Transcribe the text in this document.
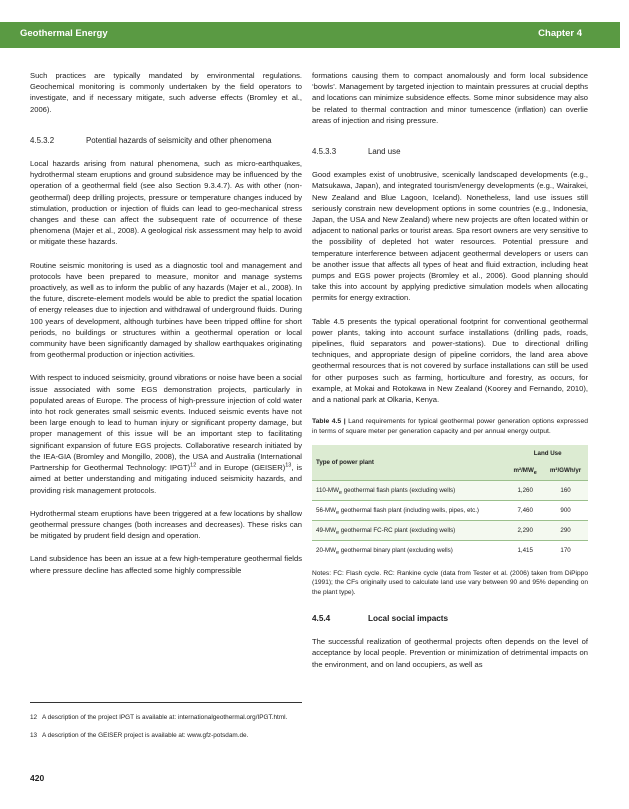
Geothermal Energy	Chapter 4

Such practices are typically mandated by environmental regulations. Geochemical monitoring is commonly undertaken by the field operators to investigate, and if necessary mitigate, such adverse effects (Bromley et al., 2006).

4.5.3.2	Potential hazards of seismicity and other phenomena

Local hazards arising from natural phenomena, such as micro-earthquakes, hydrothermal steam eruptions and ground subsidence may be influenced by the operation of a geothermal field (see also Section 9.3.4.7). As with other (non-geothermal) deep drilling projects, pressure or temperature changes induced by stimulation, production or injection of fluids can lead to geo-mechanical stress changes and these can affect the subsequent rate of occurrence of these phenomena (Majer et al., 2008). A geological risk assessment may help to avoid or mitigate these hazards.

Routine seismic monitoring is used as a diagnostic tool and management and protocols have been prepared to measure, monitor and manage systems proactively, as well as to inform the public of any hazards (Majer et al., 2008). In the future, discrete-element models would be able to predict the spatial location of energy releases due to injection and withdrawal of underground fluids. During 100 years of development, although turbines have been tripped offline for short periods, no buildings or structures within a geothermal operation or local community have been significantly damaged by shallow earthquakes originating from geothermal production or injection activities.

With respect to induced seismicity, ground vibrations or noise have been a social issue associated with some EGS demonstration projects, particularly in populated areas of Europe. The process of high-pressure injection of cold water into hot rock generates small seismic events. Induced seismic events have not been large enough to lead to human injury or significant property damage, but proper management of this issue will be an important step to facilitating significant expansion of future EGS projects. Collaborative research initiated by the IEA-GIA (Bromley and Mongillo, 2008), the USA and Australia (International Partnership for Geothermal Technology: IPGT)$^{12}$ and in Europe (GEISER)$^{13}$, is aimed at better understanding and mitigating induced seismicity hazards, and providing risk management protocols.

Hydrothermal steam eruptions have been triggered at a few locations by shallow geothermal pressure changes (both increases and decreases). These risks can be mitigated by prudent field design and operation.

Land subsidence has been an issue at a few high-temperature geothermal fields where pressure decline has affected some highly compressible

12 A description of the project IPGT is available at: internationalgeothermal.org/IPGT.html.
13 A description of the GEISER project is available at: www.gfz-potsdam.de.
420

formations causing them to compact anomalously and form local subsidence ‘bowls’. Management by targeted injection to maintain pressures at crucial depths and locations can minimize subsidence effects. Some minor subsidence may also be related to thermal contraction and minor tumescence (inflation) can overlie areas of injection and rising pressure.

4.5.3.3	Land use

Good examples exist of unobtrusive, scenically landscaped developments (e.g., Matsukawa, Japan), and integrated tourism/energy developments (e.g., Wairakei, New Zealand and Blue Lagoon, Iceland). Nonetheless, land use issues still seriously constrain new development options in some countries (e.g., Indonesia, Japan, the USA and New Zealand) where new projects are often located within or adjacent to national parks or tourist areas. Spa resort owners are very sensitive to the possibility of depleted hot water resources. Potential pressure and temperature interference between adjacent geothermal developers or users can be another issue that affects all types of heat and fluid extraction, including heat pumps and EGS power projects (Bromley et al., 2006). Good planning should take this into account by applying predictive simulation models when allocating permits for energy extraction.

Table 4.5 presents the typical operational footprint for conventional geothermal power plants, taking into account surface installations (drilling pads, roads, pipelines, fluid separators and power-stations). Due to directional drilling techniques, and appropriate design of pipeline corridors, the land area above geothermal resources that is not covered by surface installations can still be used for other purposes such as farming, horticulture and forestry, as occurs, for example, at Mokai and Rotokawa in New Zealand (Koorey and Fernando, 2010), and a national park at Olkaria, Kenya.

Table 4.5 | Land requirements for typical geothermal power generation options expressed in terms of square meter per generation capacity and per annual energy output.
Type of power plant	Land Use	
	$m^2/MW_e$	m²/GWh/yr
$110-MW_e$ geothermal flash plants (excluding wells)	1,260	160
$56-MW_e$ geothermal flash plant (including wells, pipes, etc.)	7,460	900
$49-MW_e$ geothermal FC-RC plant (excluding wells)	2,290	290
$20-MW_e$ geothermal binary plant (excluding wells)	1,415	170
Notes: FC: Flash cycle. RC: Rankine cycle (data from Tester et al. (2006) taken from DiPippo (1991); the CFs originally used to calculate land use vary between 90 and 95% depending on the plant type).
4.5.4	Local social impacts

The successful realization of geothermal projects often depends on the level of acceptance by local people. Prevention or minimization of detrimental impacts on the environment, and on land occupiers, as well as
